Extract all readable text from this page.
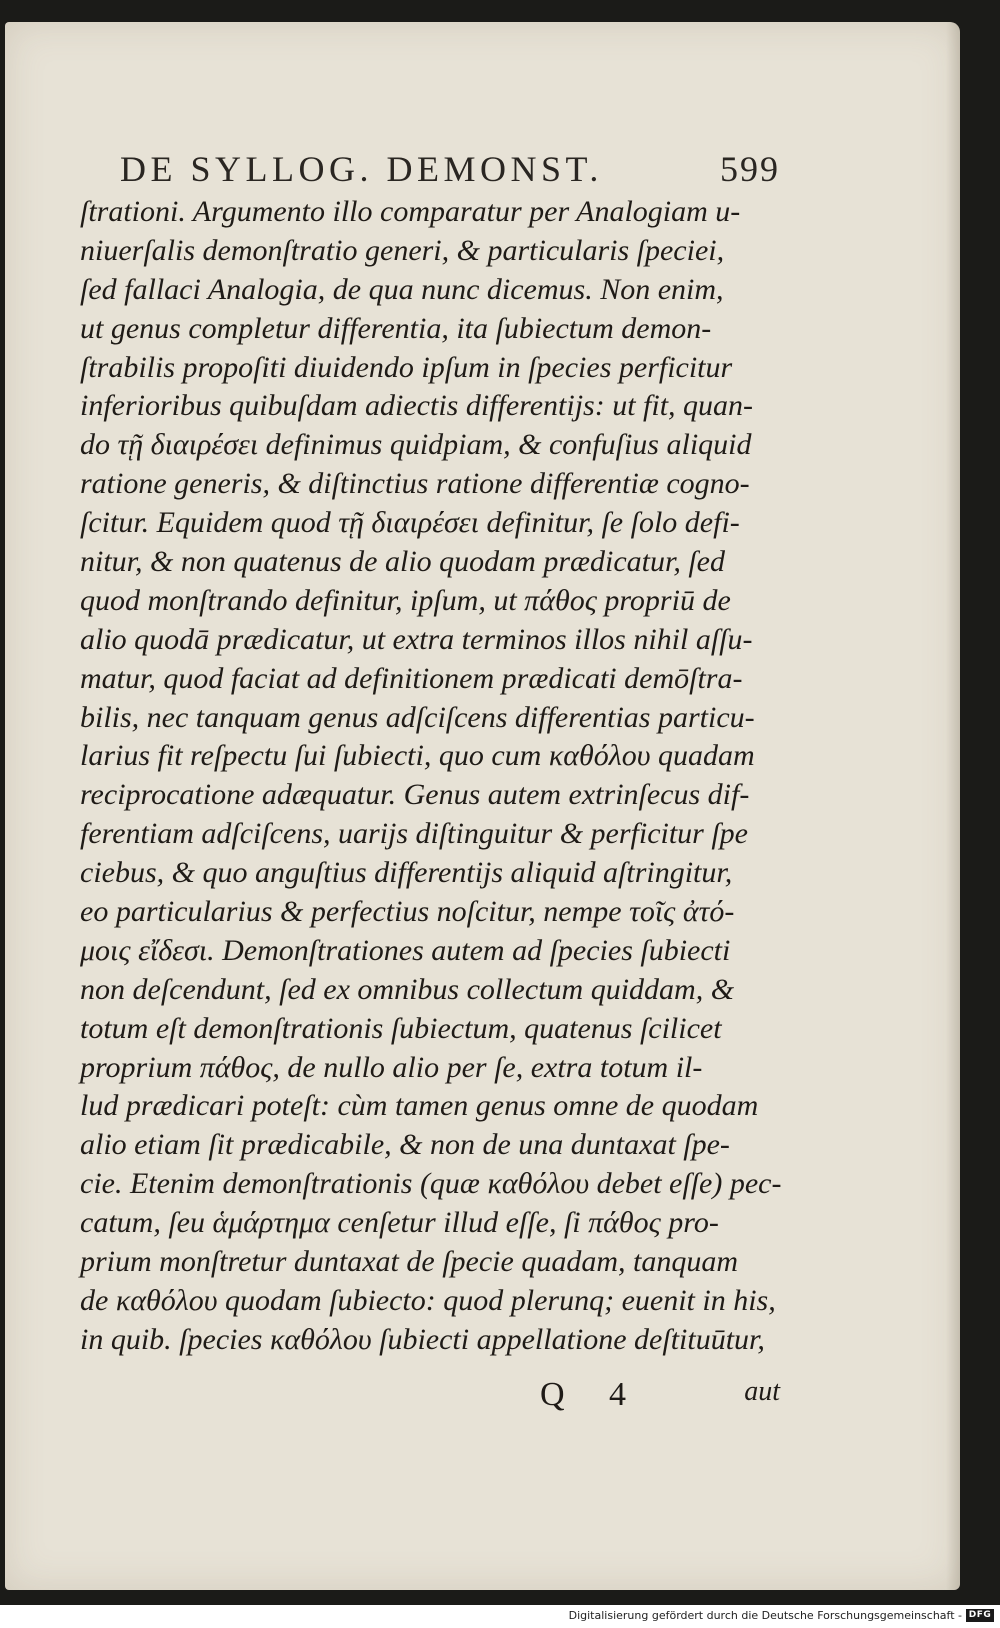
DE SYLLOG. DEMONST.	599
ſtrationi. Argumento illo comparatur per Analogiam u-
niuerſalis demonſtratio generi, & particularis ſpeciei,
ſed fallaci Analogia, de qua nunc dicemus. Non enim,
ut genus completur differentia, ita ſubiectum demon-
ſtrabilis propoſiti diuidendo ipſum in ſpecies perficitur
inferioribus quibuſdam adiectis differentijs: ut fit, quan-
do τῇ διαιρέσει definimus quidpiam, & confuſius aliquid
ratione generis, & diſtinctius ratione differentiæ cogno-
ſcitur. Equidem quod τῇ διαιρέσει definitur, ſe ſolo defi-
nitur, & non quatenus de alio quodam prædicatur, ſed
quod monſtrando definitur, ipſum, ut πάθος propriū de
alio quodā prædicatur, ut extra terminos illos nihil aſſu-
matur, quod faciat ad definitionem prædicati demōſtra-
bilis, nec tanquam genus adſciſcens differentias particu-
larius fit reſpectu ſui ſubiecti, quo cum καθόλου quadam
reciprocatione adæquatur. Genus autem extrinſecus dif-
ferentiam adſciſcens, uarijs diſtinguitur & perficitur ſpe
ciebus, & quo anguſtius differentijs aliquid aſtringitur,
eo particularius & perfectius noſcitur, nempe τοῖς ἀτό-
μοις εἴδεσι. Demonſtrationes autem ad ſpecies ſubiecti
non deſcendunt, ſed ex omnibus collectum quiddam, &
totum eſt demonſtrationis ſubiectum, quatenus ſcilicet
proprium πάθος, de nullo alio per ſe, extra totum il-
lud prædicari poteſt: cùm tamen genus omne de quodam
alio etiam ſit prædicabile, & non de una duntaxat ſpe-
cie. Etenim demonſtrationis (quæ καθόλου debet eſſe) pec-
catum, ſeu ἁμάρτημα cenſetur illud eſſe, ſi πάθος pro-
prium monſtretur duntaxat de ſpecie quadam, tanquam
de καθόλου quodam ſubiecto: quod plerunq; euenit in his,
in quib. ſpecies καθόλου ſubiecti appellatione deſtituūtur,
Q 4	aut
Digitalisierung gefördert durch die Deutsche Forschungsgemeinschaft - DFG
